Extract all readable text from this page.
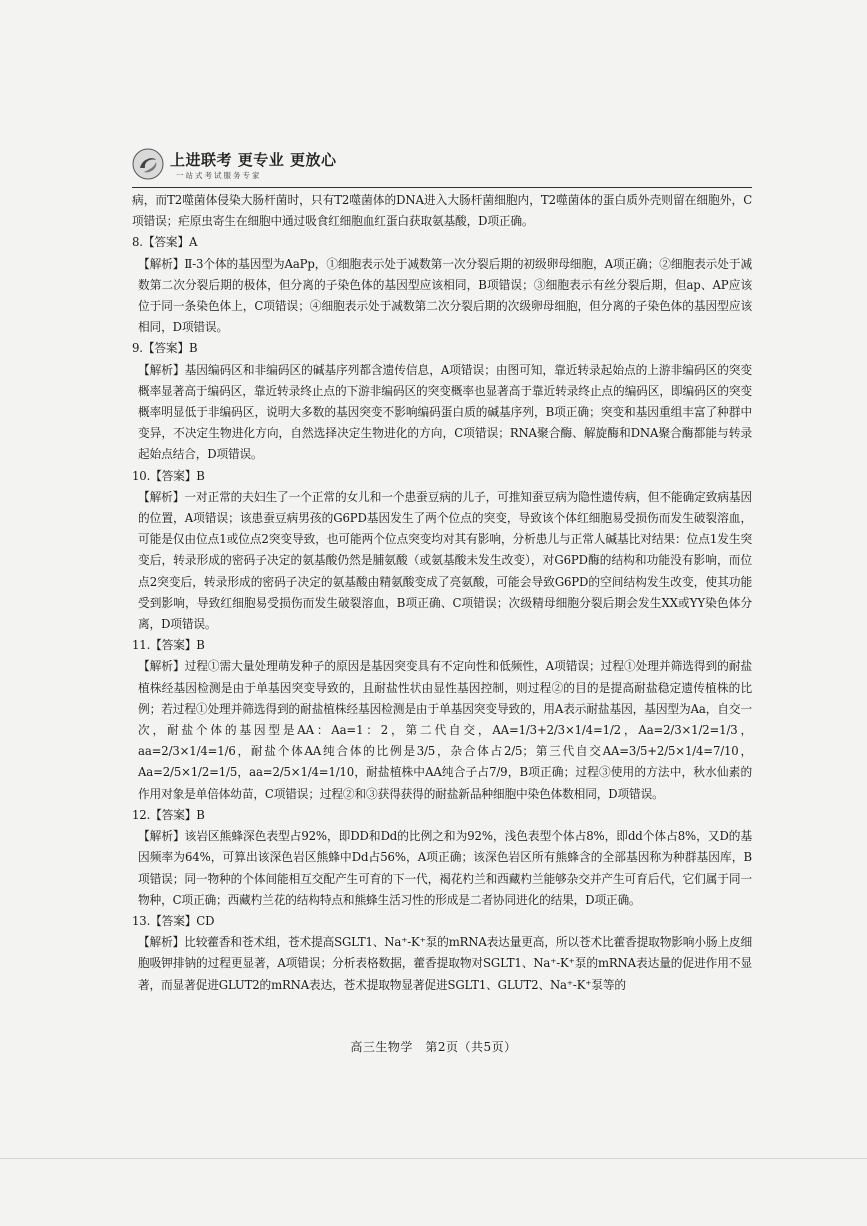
上进联考 更专业 更放心
一站式考试服务专家

病，而T2噬菌体侵染大肠杆菌时，只有T2噬菌体的DNA进入大肠杆菌细胞内，T2噬菌体的蛋白质外壳则留在细胞外，C项错误；疟原虫寄生在细胞中通过吸食红细胞血红蛋白获取氨基酸，D项正确。

8.【答案】A

【解析】Ⅱ-3个体的基因型为AaPp，①细胞表示处于减数第一次分裂后期的初级卵母细胞，A项正确；②细胞表示处于减数第二次分裂后期的极体，但分离的子染色体的基因型应该相同，B项错误；③细胞表示有丝分裂后期，但ap、AP应该位于同一条染色体上，C项错误；④细胞表示处于减数第二次分裂后期的次级卵母细胞，但分离的子染色体的基因型应该相同，D项错误。

9.【答案】B

【解析】基因编码区和非编码区的碱基序列都含遗传信息，A项错误；由图可知，靠近转录起始点的上游非编码区的突变概率显著高于编码区，靠近转录终止点的下游非编码区的突变概率也显著高于靠近转录终止点的编码区，即编码区的突变概率明显低于非编码区，说明大多数的基因突变不影响编码蛋白质的碱基序列，B项正确；突变和基因重组丰富了种群中变异，不决定生物进化方向，自然选择决定生物进化的方向，C项错误；RNA聚合酶、解旋酶和DNA聚合酶都能与转录起始点结合，D项错误。

10.【答案】B

【解析】一对正常的夫妇生了一个正常的女儿和一个患蚕豆病的儿子，可推知蚕豆病为隐性遗传病，但不能确定致病基因的位置，A项错误；该患蚕豆病男孩的G6PD基因发生了两个位点的突变，导致该个体红细胞易受损伤而发生破裂溶血，可能是仅由位点1或位点2突变导致，也可能两个位点突变均对其有影响，分析患儿与正常人碱基比对结果：位点1发生突变后，转录形成的密码子决定的氨基酸仍然是脯氨酸（或氨基酸未发生改变），对G6PD酶的结构和功能没有影响，而位点2突变后，转录形成的密码子决定的氨基酸由精氨酸变成了亮氨酸，可能会导致G6PD的空间结构发生改变，使其功能受到影响，导致红细胞易受损伤而发生破裂溶血，B项正确、C项错误；次级精母细胞分裂后期会发生XX或YY染色体分离，D项错误。

11.【答案】B

【解析】过程①需大量处理萌发种子的原因是基因突变具有不定向性和低频性，A项错误；过程①处理并筛选得到的耐盐植株经基因检测是由于单基因突变导致的，且耐盐性状由显性基因控制，则过程②的目的是提高耐盐稳定遗传植株的比例；若过程①处理并筛选得到的耐盐植株经基因检测是由于单基因突变导致的，用A表示耐盐基因，基因型为Aa，自交一次，耐盐个体的基因型是AA：Aa=1：2，第二代自交，AA=1/3+2/3×1/4=1/2，Aa=2/3×1/2=1/3，aa=2/3×1/4=1/6，耐盐个体AA纯合体的比例是3/5，杂合体占2/5；第三代自交AA=3/5+2/5×1/4=7/10，Aa=2/5×1/2=1/5，aa=2/5×1/4=1/10，耐盐植株中AA纯合子占7/9，B项正确；过程③使用的方法中，秋水仙素的作用对象是单倍体幼苗，C项错误；过程②和③获得获得的耐盐新品种细胞中染色体数相同，D项错误。

12.【答案】B

【解析】该岩区熊蜂深色表型占92%，即DD和Dd的比例之和为92%，浅色表型个体占8%，即dd个体占8%，又D的基因频率为64%，可算出该深色岩区熊蜂中Dd占56%，A项正确；该深色岩区所有熊蜂含的全部基因称为种群基因库，B项错误；同一物种的个体间能相互交配产生可育的下一代，褐花杓兰和西藏杓兰能够杂交并产生可育后代，它们属于同一物种，C项正确；西藏杓兰花的结构特点和熊蜂生活习性的形成是二者协同进化的结果，D项正确。

13.【答案】CD

【解析】比较藿香和苍术组，苍术提高SGLT1、Na⁺-K⁺泵的mRNA表达量更高，所以苍术比藿香提取物影响小肠上皮细胞吸钾排钠的过程更显著，A项错误；分析表格数据，藿香提取物对SGLT1、Na⁺-K⁺泵的mRNA表达量的促进作用不显著，而显著促进GLUT2的mRNA表达，苍术提取物显著促进SGLT1、GLUT2、Na⁺-K⁺泵等的

高三生物学　第2页（共5页）
